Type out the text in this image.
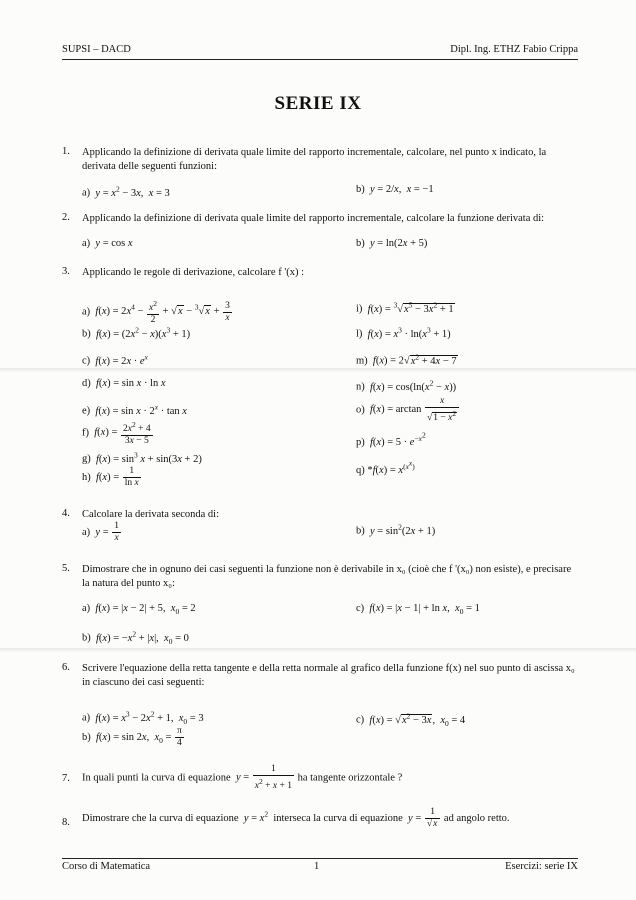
SUPSI – DACD	Dipl. Ing. ETHZ Fabio Crippa
SERIE IX
1. Applicando la definizione di derivata quale limite del rapporto incrementale, calcolare, nel punto x indicato, la derivata delle seguenti funzioni:
a) $y = x^2 - 3x$,  x = 3	b) y = 2/x,  x = −1
2. Applicando la definizione di derivata quale limite del rapporto incrementale, calcolare la funzione derivata di:
a) y = cos x	b) y = ln(2x + 5)
3. Applicando le regole di derivazione, calcolare f '(x) :
a) $f(x) = 2x^4 - \frac{x^2}{2} + √x - ^3√x + \frac{3}{x}$
b) $f(x) = (2x^2 - x)(x^3 + 1)$
c) $f(x) = 2x \cdot e^x$
d) f(x) = sin x · ln x
e) $f(x) = \sin x \cdot 2^x \cdot \tan x$
f) $f(x) = \frac{2x^2 + 4}{3x - 5}$
g) $f(x) = \sin^3 x + \sin(3x + 2)$
h) $f(x) = \frac{1}{\text{ln x}}$
i) $f(x) = ^3√x^5 - 3x^2 + 1$
l) $f(x) = x^3 \cdot \ln(x^3 + 1)$
m) $f(x) = 2√x^2 + 4x - 7$
n) $f(x) = \cos(\ln(x^2 - x))$
o) $f(x) = \arctan \frac{x}{√1 - x^2}$
p) $f(x) = 5 \cdot e^{-x^2}$
q) $*f(x) = x^{(x^x)}$
4. Calcolare la derivata seconda di:
a) $y = \frac{1}{x}$	b) $y = \sin^2(2x + 1)$
5. Dimostrare che in ognuno dei casi seguenti la funzione non è derivabile in x₀ (cioè che f '(x₀) non esiste), e precisare la natura del punto x₀:
a) f(x) = |x − 2| + 5,  $x_0 = 2$	c) f(x) = |x − 1| + ln x,  $x_0 = 1$
b) $f(x) = -x^2 + |x|$,  $x_0 = 0$
6. Scrivere l'equazione della retta tangente e della retta normale al grafico della funzione f(x) nel suo punto di ascissa x₀ in ciascuno dei casi seguenti:
a) $f(x) = x^3 - 2x^2 + 1$,  $x_0 = 3$	c) $f(x) = √x^2 - 3x$,  $x_0 = 4$
b) f(x) = sin 2x,  $x_0 = \frac{\pi}{4}$
7. In quali punti la curva di equazione $y = \frac{1}{x^2 + x + 1}$ ha tangente orizzontale ?
8. Dimostrare che la curva di equazione $y = x^2$ interseca la curva di equazione $y = \frac{1}{√x}$ ad angolo retto.
Corso di Matematica	1	Esercizi: serie IX
